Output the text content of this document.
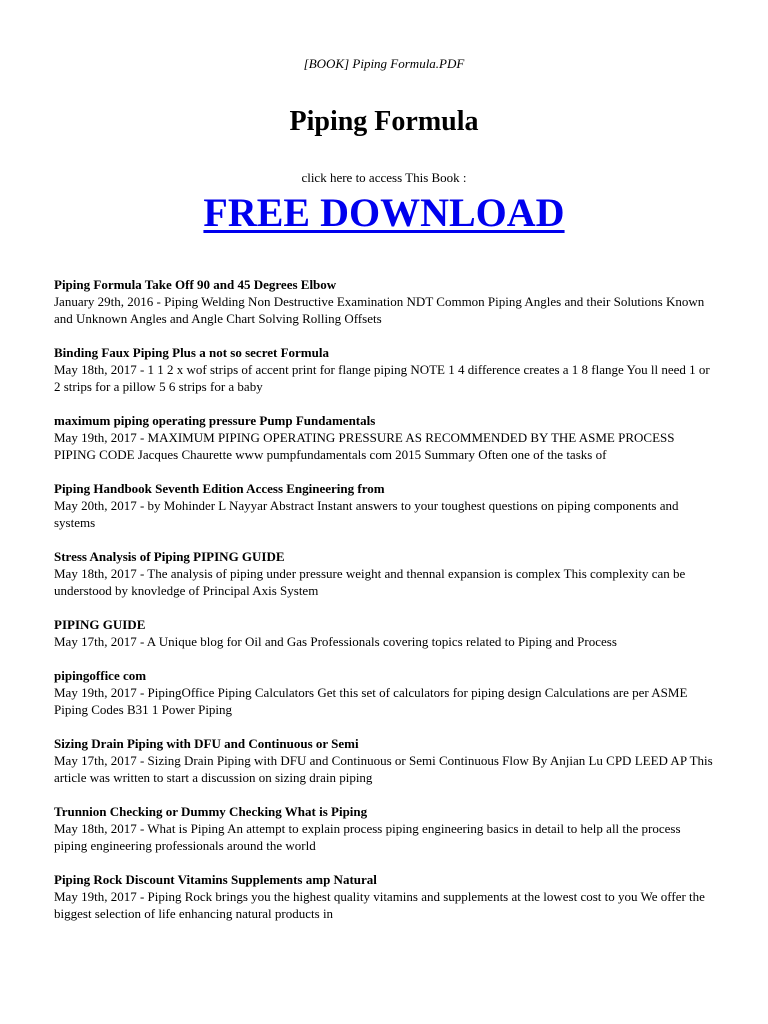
[BOOK] Piping Formula.PDF

Piping Formula

click here to access This Book :

FREE DOWNLOAD

Piping Formula Take Off 90 and 45 Degrees Elbow

January 29th, 2016 - Piping Welding Non Destructive Examination NDT Common Piping Angles and their Solutions Known and Unknown Angles and Angle Chart Solving Rolling Offsets

Binding Faux Piping Plus a not so secret Formula

May 18th, 2017 - 1 1 2 x wof strips of accent print for flange piping NOTE 1 4 difference creates a 1 8 flange You ll need 1 or 2 strips for a pillow 5 6 strips for a baby

maximum piping operating pressure Pump Fundamentals

May 19th, 2017 - MAXIMUM PIPING OPERATING PRESSURE AS RECOMMENDED BY THE ASME PROCESS PIPING CODE Jacques Chaurette www pumpfundamentals com 2015 Summary Often one of the tasks of

Piping Handbook Seventh Edition Access Engineering from

May 20th, 2017 - by Mohinder L Nayyar Abstract Instant answers to your toughest questions on piping components and systems

Stress Analysis of Piping PIPING GUIDE

May 18th, 2017 - The analysis of piping under pressure weight and thennal expansion is complex This complexity can be understood by knovledge of Principal Axis System

PIPING GUIDE

May 17th, 2017 - A Unique blog for Oil and Gas Professionals covering topics related to Piping and Process

pipingoffice com

May 19th, 2017 - PipingOffice Piping Calculators Get this set of calculators for piping design Calculations are per ASME Piping Codes B31 1 Power Piping

Sizing Drain Piping with DFU and Continuous or Semi

May 17th, 2017 - Sizing Drain Piping with DFU and Continuous or Semi Continuous Flow By Anjian Lu CPD LEED AP This article was written to start a discussion on sizing drain piping

Trunnion Checking or Dummy Checking What is Piping

May 18th, 2017 - What is Piping An attempt to explain process piping engineering basics in detail to help all the process piping engineering professionals around the world

Piping Rock Discount Vitamins Supplements amp Natural

May 19th, 2017 - Piping Rock brings you the highest quality vitamins and supplements at the lowest cost to you We offer the biggest selection of life enhancing natural products in
